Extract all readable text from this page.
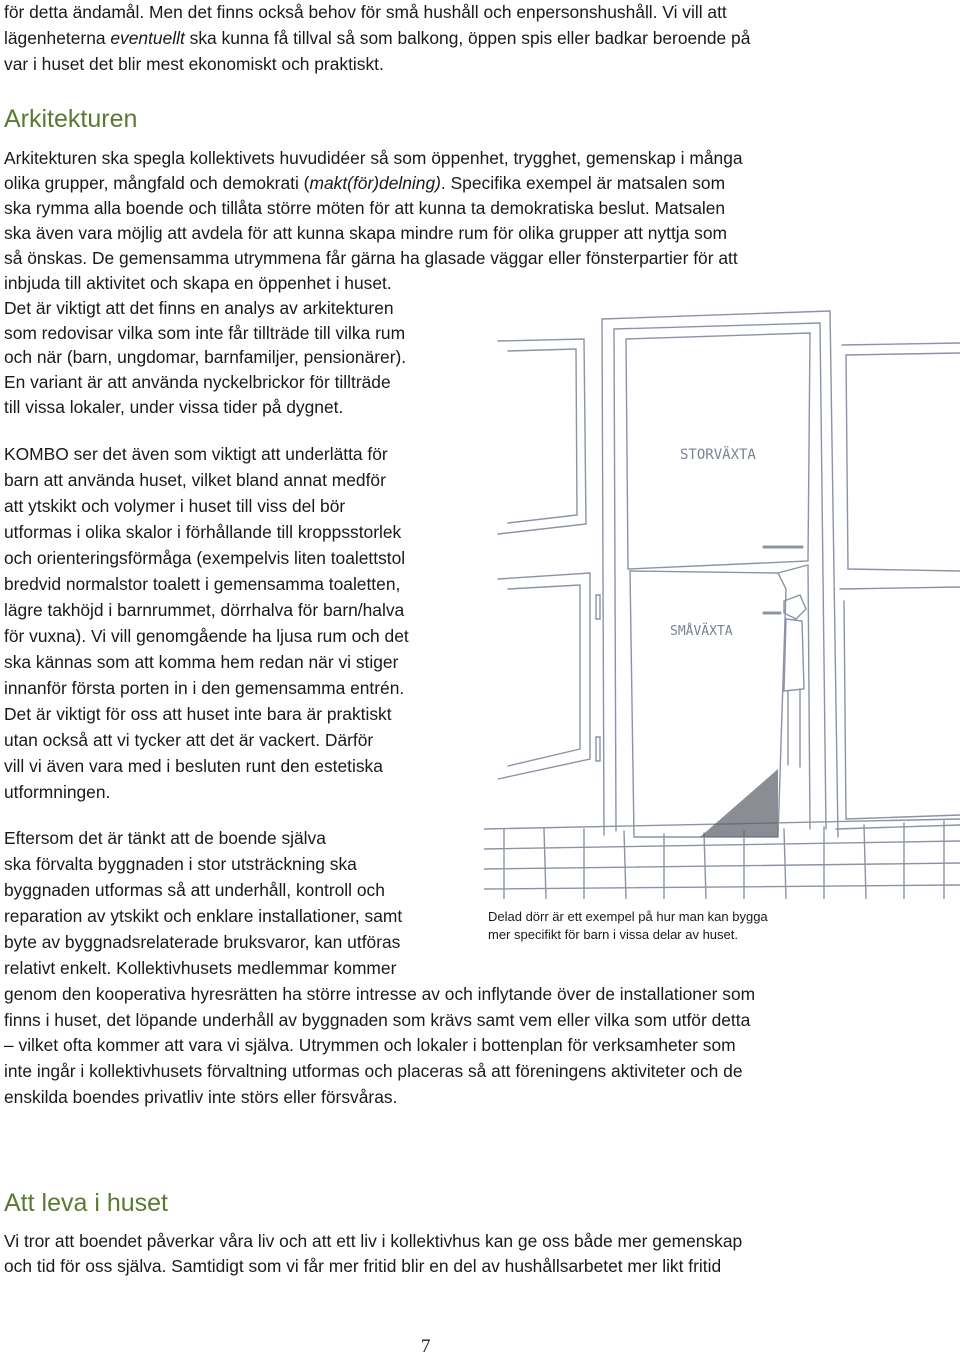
för detta ändamål. Men det finns också behov för små hushåll och enpersonshushåll. Vi vill att
lägenheterna eventuellt ska kunna få tillval så som balkong, öppen spis eller badkar beroende på
var i huset det blir mest ekonomiskt och praktiskt.
Arkitekturen
Arkitekturen ska spegla kollektivets huvudidéer så som öppenhet, trygghet, gemenskap i många
olika grupper, mångfald och demokrati (makt(för)delning). Specifika exempel är matsalen som
ska rymma alla boende och tillåta större möten för att kunna ta demokratiska beslut. Matsalen
ska även vara möjlig att avdela för att kunna skapa mindre rum för olika grupper att nyttja som
så önskas. De gemensamma utrymmena får gärna ha glasade väggar eller fönsterpartier för att
inbjuda till aktivitet och skapa en öppenhet i huset.
Det är viktigt att det finns en analys av arkitekturen
som redovisar vilka som inte får tillträde till vilka rum
och när (barn, ungdomar, barnfamiljer, pensionärer).
En variant är att använda nyckelbrickor för tillträde
till vissa lokaler, under vissa tider på dygnet.
KOMBO ser det även som viktigt att underlätta för
barn att använda huset, vilket bland annat medför
att ytskikt och volymer i huset till viss del bör
utformas i olika skalor i förhållande till kroppsstorlek
och orienteringsförmåga (exempelvis liten toalettstol
bredvid normalstor toalett i gemensamma toaletten,
lägre takhöjd i barnrummet, dörrhalva för barn/halva
för vuxna). Vi vill genomgående ha ljusa rum och det
ska kännas som att komma hem redan när vi stiger
innanför första porten in i den gemensamma entrén.
Det är viktigt för oss att huset inte bara är praktiskt
utan också att vi tycker att det är vackert. Därför
vill vi även vara med i besluten runt den estetiska
utformningen.
Eftersom det är tänkt att de boende själva
ska förvalta byggnaden i stor utsträckning ska
byggnaden utformas så att underhåll, kontroll och
reparation av ytskikt och enklare installationer, samt
byte av byggnadsrelaterade bruksvaror, kan utföras
relativt enkelt. Kollektivhusets medlemmar kommer
genom den kooperativa hyresrätten ha större intresse av och inflytande över de installationer som
finns i huset, det löpande underhåll av byggnaden som krävs samt vem eller vilka som utför detta
– vilket ofta kommer att vara vi själva. Utrymmen och lokaler i bottenplan för verksamheter som
inte ingår i kollektivhusets förvaltning utformas och placeras så att föreningens aktiviteter och de
enskilda boendes privatliv inte störs eller försvåras.
STORVÄXTA
SMÅVÄXTA
Delad dörr är ett exempel på hur man kan bygga
mer specifikt för barn i vissa delar av huset.
Att leva i huset
Vi tror att boendet påverkar våra liv och att ett liv i kollektivhus kan ge oss både mer gemenskap
och tid för oss själva. Samtidigt som vi får mer fritid blir en del av hushållsarbetet mer likt fritid
7
